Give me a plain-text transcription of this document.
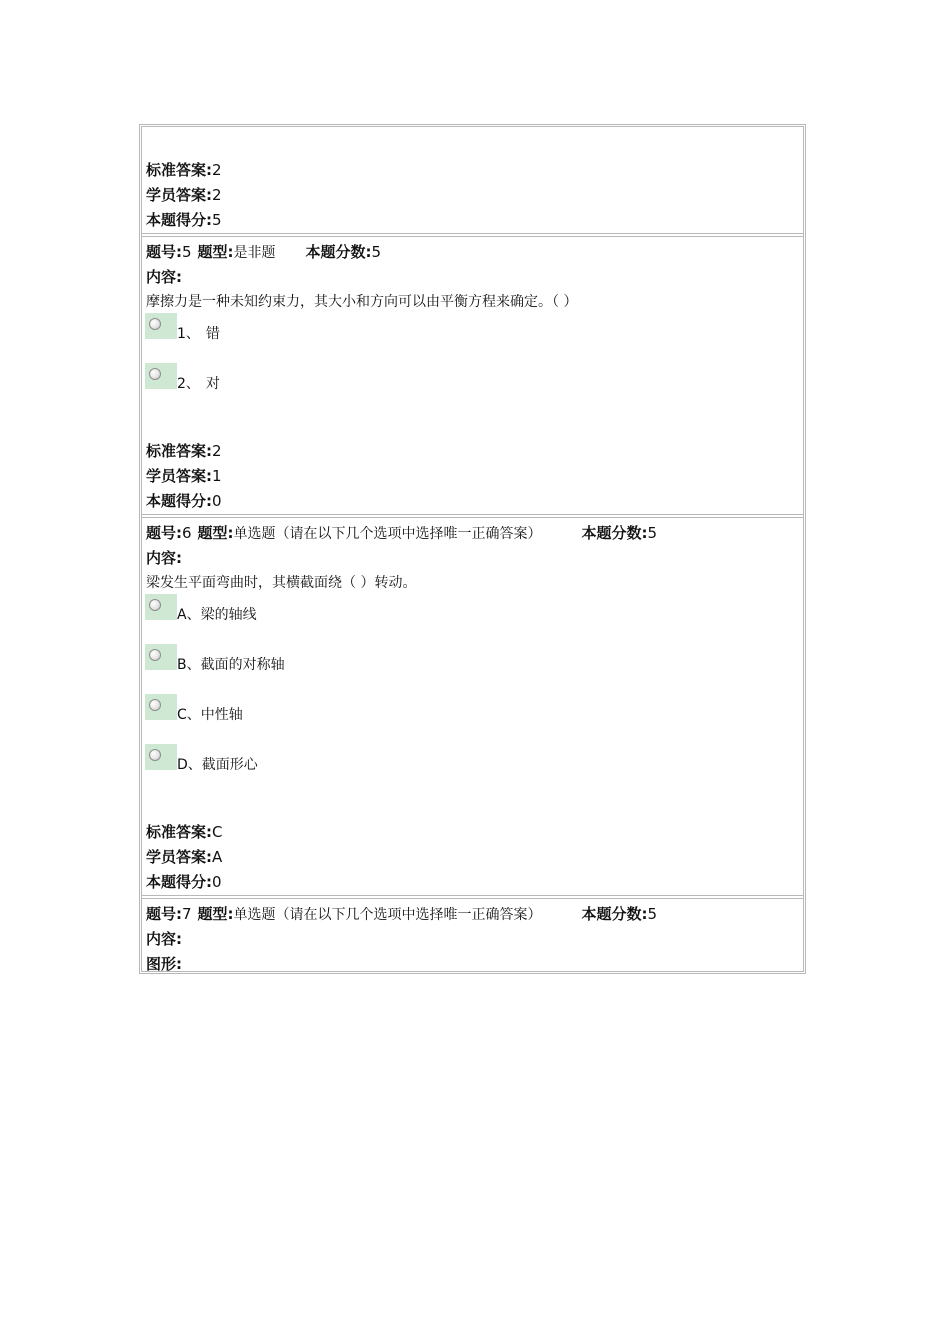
标准答案:2
学员答案:2
本题得分:5
题号:5 题型:是非题 本题分数:5
内容:
摩擦力是一种未知约束力，其大小和方向可以由平衡方程来确定。（ ）
1、 错
2、 对
标准答案:2
学员答案:1
本题得分:0
题号:6 题型:单选题（请在以下几个选项中选择唯一正确答案）	本题分数:5
内容:
梁发生平面弯曲时，其横截面绕（ ）转动。
A、梁的轴线
B、截面的对称轴
C、中性轴
D、截面形心
标准答案:C
学员答案:A
本题得分:0
题号:7 题型:单选题（请在以下几个选项中选择唯一正确答案）	本题分数:5
内容:
图形:
